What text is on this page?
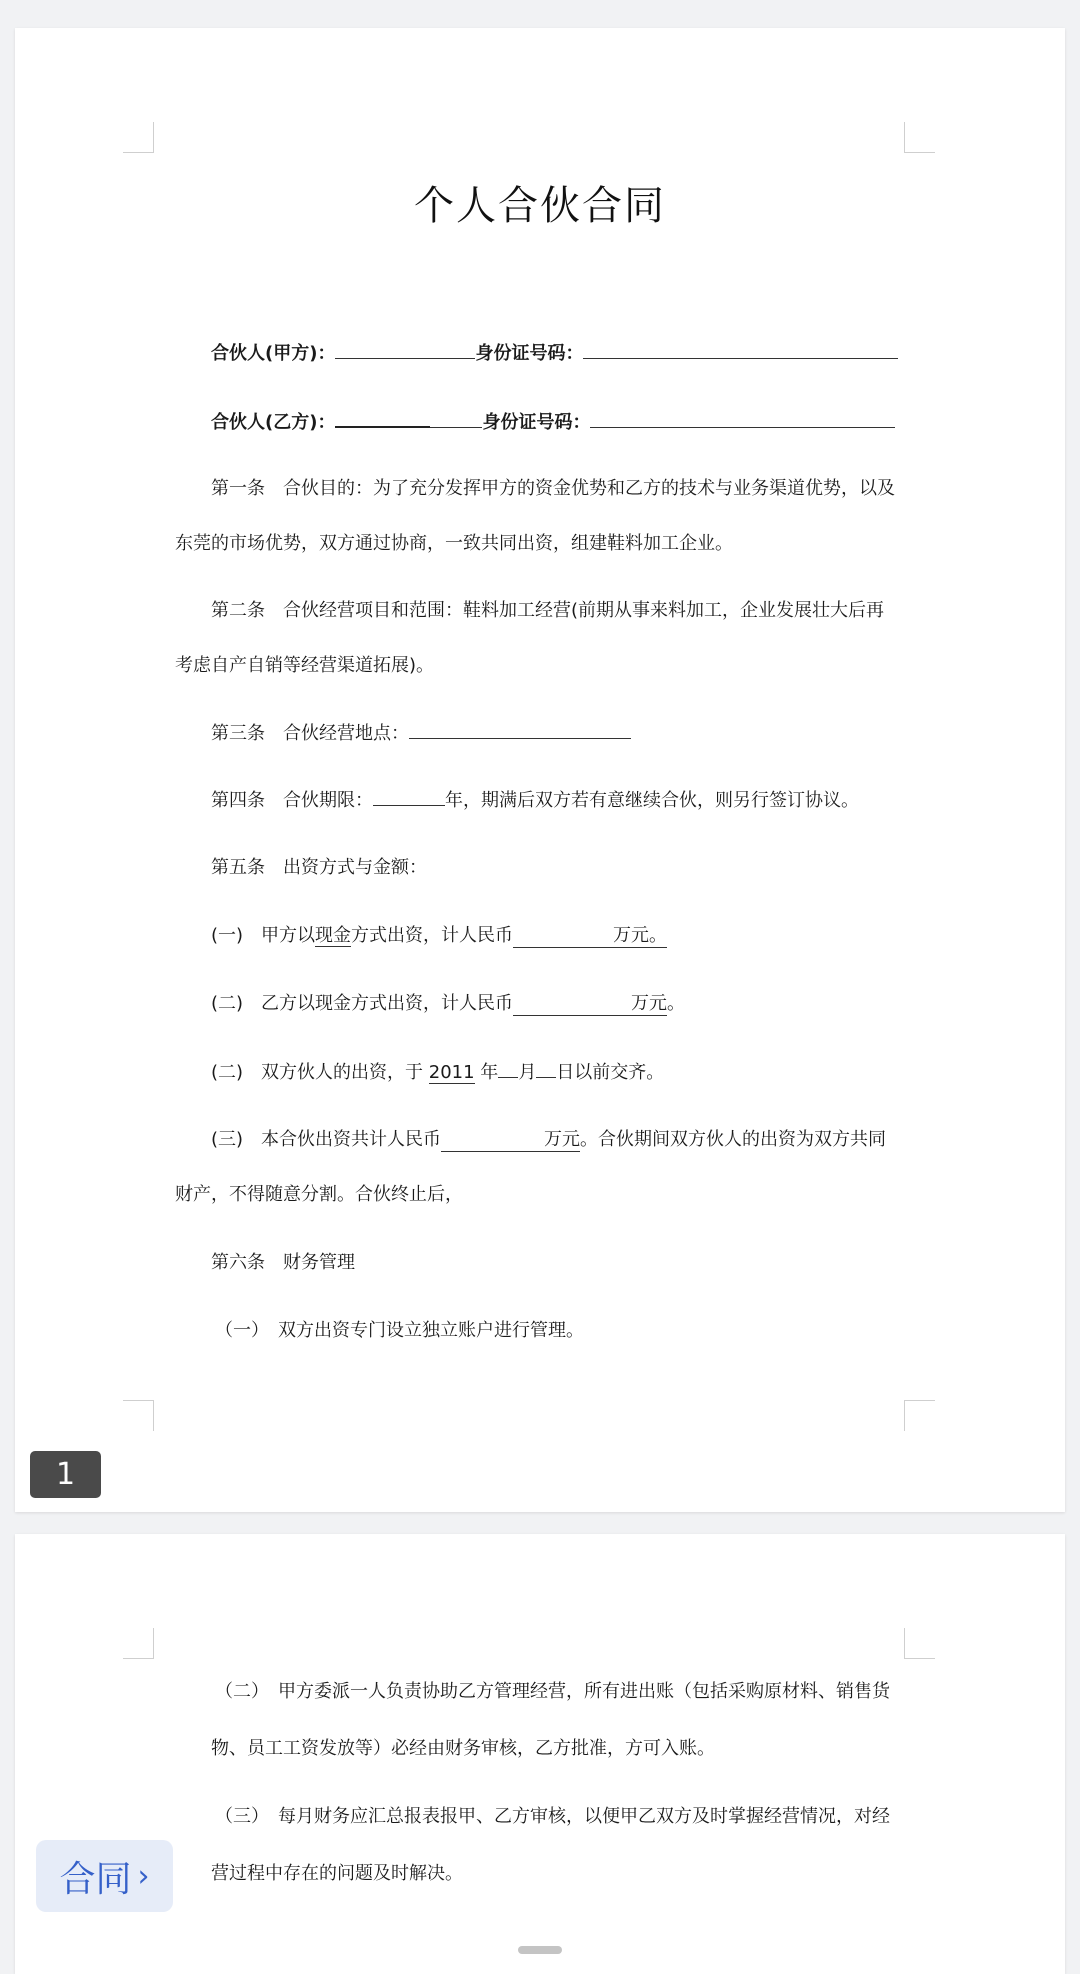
个人合伙合同
合伙人(甲方)：	身份证号码：
合伙人(乙方)：	身份证号码：
第一条　合伙目的：为了充分发挥甲方的资金优势和乙方的技术与业务渠道优势，以及
东莞的市场优势，双方通过协商，一致共同出资，组建鞋料加工企业。
第二条　合伙经营项目和范围：鞋料加工经营(前期从事来料加工，企业发展壮大后再
考虑自产自销等经营渠道拓展)。
第三条　合伙经营地点：
第四条　合伙期限：	年，期满后双方若有意继续合伙，则另行签订协议。
第五条　出资方式与金额：
(一)　甲方以现金方式出资，计人民币	万元。
(二)　乙方以现金方式出资，计人民币	万元。
(二)　双方伙人的出资，于 2011 年 月 日以前交齐。
(三)　本合伙出资共计人民币	万元。合伙期间双方伙人的出资为双方共同
财产，不得随意分割。合伙终止后，
第六条　财务管理
（一）　双方出资专门设立独立账户进行管理。
（二）　甲方委派一人负责协助乙方管理经营，所有进出账（包括采购原材料、销售货
物、员工工资发放等）必经由财务审核，乙方批准，方可入账。
（三）　每月财务应汇总报表报甲、乙方审核，以便甲乙双方及时掌握经营情况，对经
营过程中存在的问题及时解决。
1
合同 ›
